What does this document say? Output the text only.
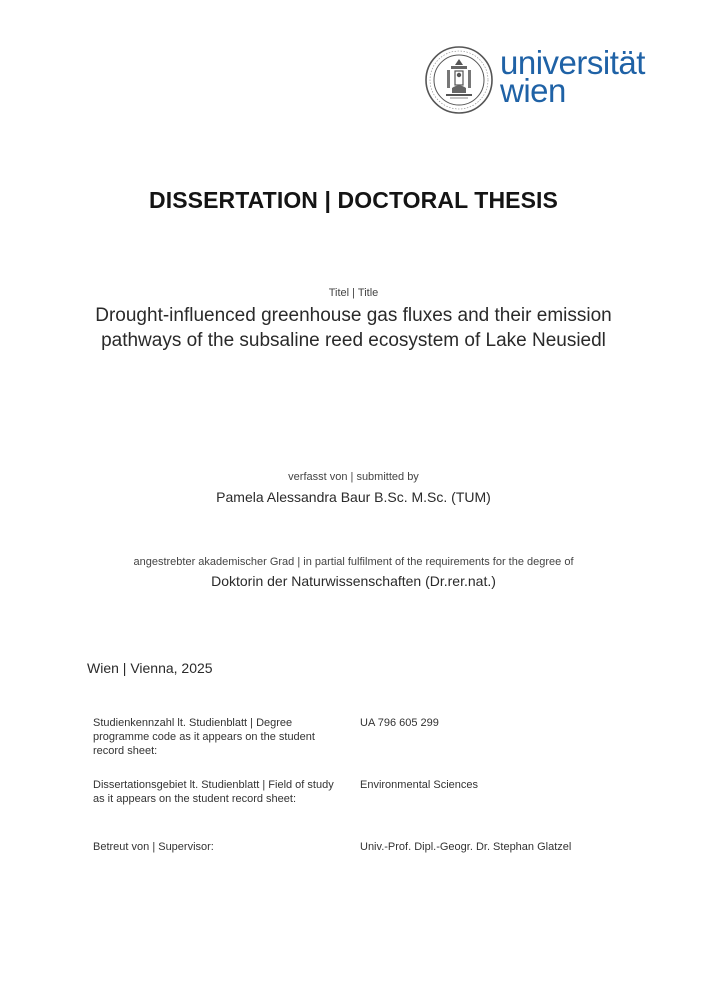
universität
wien
DISSERTATION | DOCTORAL THESIS
Titel | Title
Drought-influenced greenhouse gas fluxes and their emission
pathways of the subsaline reed ecosystem of Lake Neusiedl
verfasst von | submitted by
Pamela Alessandra Baur B.Sc. M.Sc. (TUM)
angestrebter akademischer Grad | in partial fulfilment of the requirements for the degree of
Doktorin der Naturwissenschaften (Dr.rer.nat.)
Wien | Vienna, 2025
Studienkennzahl lt. Studienblatt | Degree programme code as it appears on the student record sheet:
UA 796 605 299
Dissertationsgebiet lt. Studienblatt | Field of study as it appears on the student record sheet:
Environmental Sciences
Betreut von | Supervisor:	Univ.-Prof. Dipl.-Geogr. Dr. Stephan Glatzel
